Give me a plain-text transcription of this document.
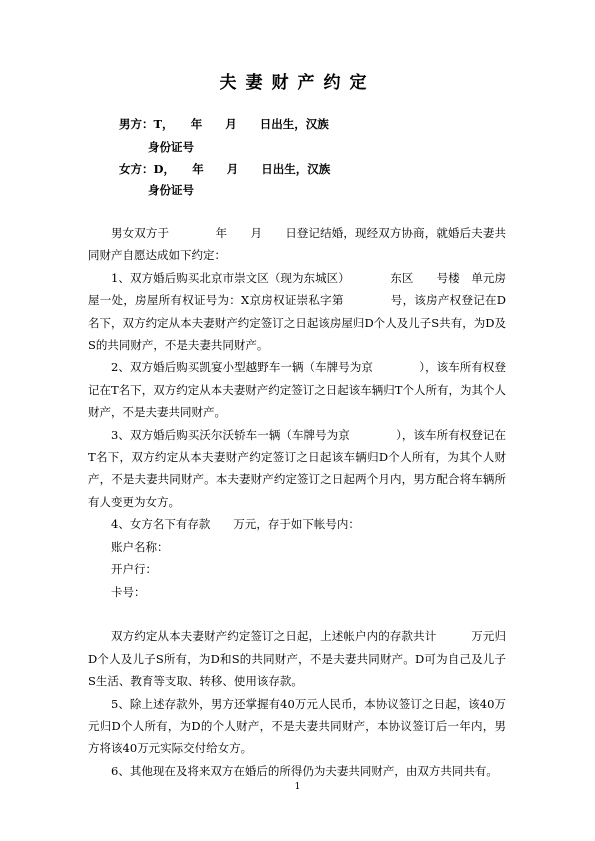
夫妻财产约定
男方：T，　　年　　月　　日出生，汉族
身份证号
女方：D，　　年　　月　　日出生，汉族
身份证号

男女双方于　　　　年　　月　　日登记结婚，现经双方协商，就婚后夫妻共同财产自愿达成如下约定：

1、双方婚后购买北京市崇文区（现为东城区）　　　　东区　　号楼　单元房屋一处，房屋所有权证号为：X京房权证崇私字第　　　　号，该房产权登记在D名下，双方约定从本夫妻财产约定签订之日起该房屋归D个人及儿子S共有，为D及S的共同财产，不是夫妻共同财产。

2、双方婚后购买凯宴小型越野车一辆（车牌号为京　　　　），该车所有权登记在T名下，双方约定从本夫妻财产约定签订之日起该车辆归T个人所有，为其个人财产，不是夫妻共同财产。

3、双方婚后购买沃尔沃轿车一辆（车牌号为京　　　　），该车所有权登记在T名下，双方约定从本夫妻财产约定签订之日起该车辆归D个人所有，为其个人财产，不是夫妻共同财产。本夫妻财产约定签订之日起两个月内，男方配合将车辆所有人变更为女方。

4、女方名下有存款　　万元，存于如下帐号内：

账户名称：

开户行：

卡号：

双方约定从本夫妻财产约定签订之日起，上述帐户内的存款共计　　　万元归D个人及儿子S所有，为D和S的共同财产，不是夫妻共同财产。D可为自己及儿子S生活、教育等支取、转移、使用该存款。

5、除上述存款外，男方还掌握有40万元人民币，本协议签订之日起，该40万元归D个人所有，为D的个人财产，不是夫妻共同财产，本协议签订后一年内，男方将该40万元实际交付给女方。

6、其他现在及将来双方在婚后的所得仍为夫妻共同财产，由双方共同共有。

1
